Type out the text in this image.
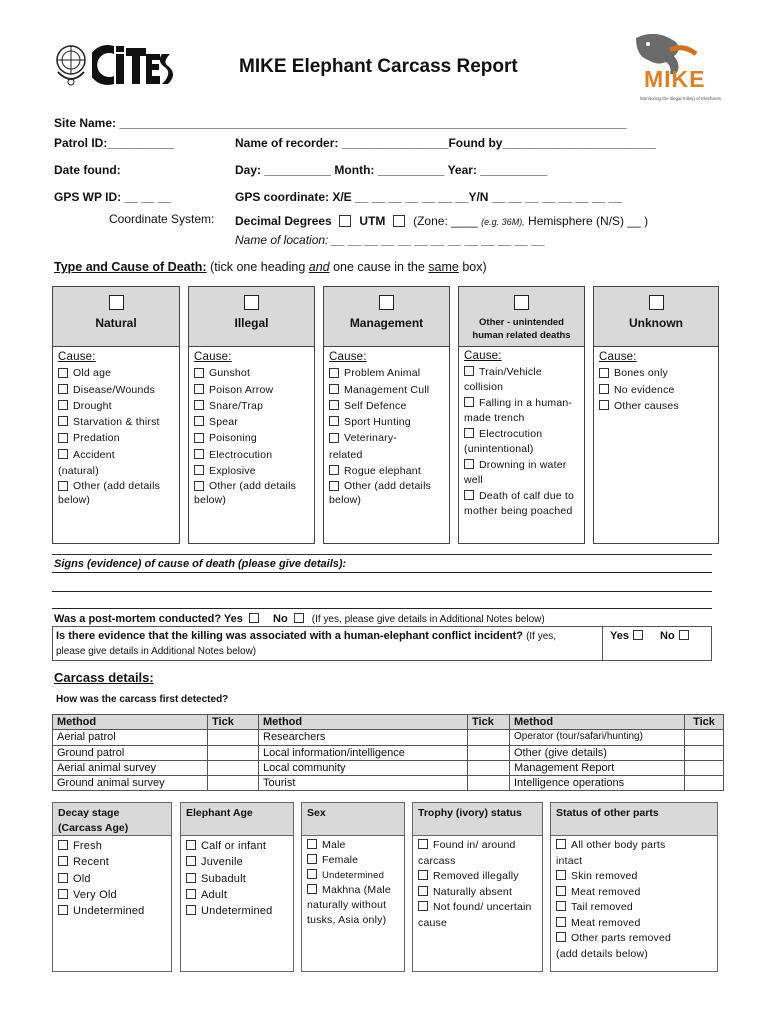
MIKE Elephant Carcass Report	MIKE
Monitoring the Illegal Killing of Elephants
Site Name: ____________________________________________________________________________
Patrol ID:__________	Name of recorder: ________________Found by_______________________
Date found:	Day: __________ Month: __________ Year: __________
GPS WP ID: __ __ __	GPS coordinate: X/E __ __ __ __ __ __ __Y/N __ __ __ __ __ __ __ __
Coordinate System: Decimal Degrees UTM (Zone: ____ (e.g. 36M), Hemisphere (N/S) __ )
Name of location: __ __ __ __ __ __ __ __ __ __ __ __ __
Type and Cause of Death: (tick one heading and one cause in the same box)
Natural
Cause:
Old age
Disease/Wounds
Drought
Starvation & thirst
Predation
Accident (natural)
Other (add details below)
Illegal
Cause:
Gunshot
Poison Arrow
Snare/Trap
Spear
Poisoning
Electrocution
Explosive
Other (add details below)
Management
Cause:
Problem Animal
Management Cull
Self Defence
Sport Hunting
Veterinary-related
Rogue elephant
Other (add details below)
Other - unintended human related deaths
Cause:
Train/Vehicle collision
Falling in a human-made trench
Electrocution (unintentional)
Drowning in water well
Death of calf due to mother being poached
Unknown
Cause:
Bones only
No evidence
Other causes
Signs (evidence) of cause of death (please give details):
Was a post-mortem conducted? Yes	No (If yes, please give details in Additional Notes below)
Is there evidence that the killing was associated with a human-elephant conflict incident? (If yes,
please give details in Additional Notes below)
Yes	No
Carcass details:
How was the carcass first detected?
Method	Tick	Method	Tick	Method	Tick
Aerial patrol		Researchers		Operator (tour/safari/hunting)	
Ground patrol		Local information/intelligence		Other (give details)	
Aerial animal survey		Local community		Management Report	
Ground animal survey		Tourist		Intelligence operations	
Decay stage (Carcass Age)
Fresh
Recent
Old
Very Old
Undetermined
Elephant Age
Calf or infant
Juvenile
Subadult
Adult
Undetermined
Sex
Male
Female
Undetermined
Makhna (Male naturally without tusks, Asia only)
Trophy (ivory) status
Found in/ around carcass
Removed illegally
Naturally absent
Not found/ uncertain cause
Status of other parts
All other body parts intact
Skin removed
Meat removed
Tail removed
Meat removed
Other parts removed (add details below)
